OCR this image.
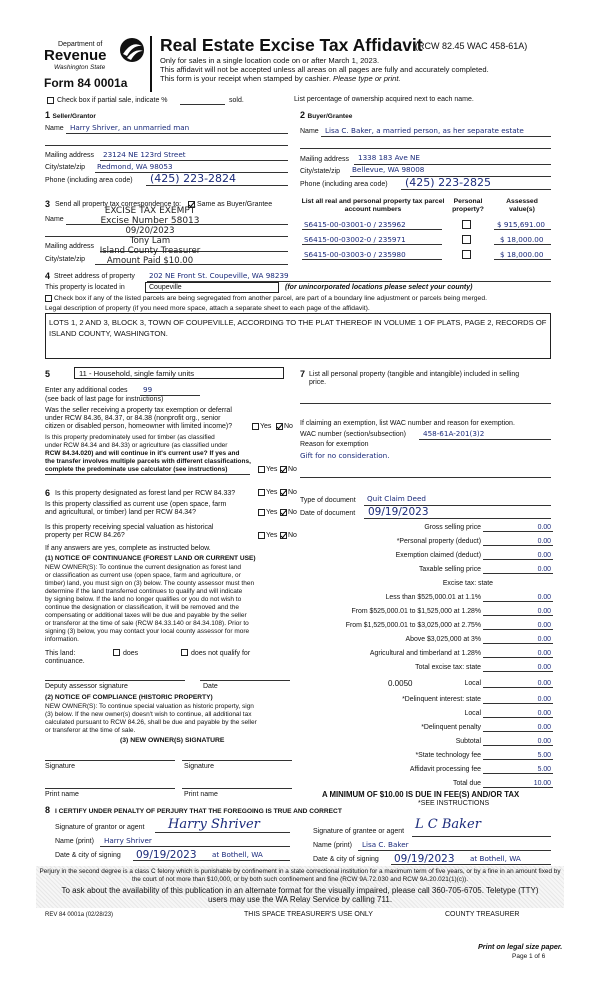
Department of
Revenue
Washington State
Form 84 0001a
Real Estate Excise Tax Affidavit
(RCW 82.45 WAC 458-61A)
Only for sales in a single location code on or after March 1, 2023.
This affidavit will not be accepted unless all areas on all pages are fully and accurately completed.
This form is your receipt when stamped by cashier. Please type or print.
Check box if partial sale, indicate %	sold.	List percentage of ownership acquired next to each name.
1 Seller/Grantor
Name Harry Shriver, an unmarried man
Mailing address 23124 NE 123rd Street
City/state/zip Redmond, WA 98053
Phone (including area code) (425) 223-2824
2 Buyer/Grantee
Name Lisa C. Baker, a married person, as her separate estate
Mailing address 1338 183 Ave NE
City/state/zip Bellevue, WA 98008
Phone (including area code) (425) 223-2825
3 Send all property tax correspondence to: Same as Buyer/Grantee
Name
Mailing address
City/state/zip
EXCISE TAX EXEMPT
Excise Number 58013
09/20/2023
Tony Lam
Island County Treasurer
Amount Paid $10.00
List all real and personal property tax parcel account numbers
Personal property?
Assessed value(s)
S6415-00-03001-0 / 235962	$ 915,691.00
S6415-00-03002-0 / 235971	$ 18,000.00
S6415-00-03003-0 / 235980	$ 18,000.00
4 Street address of property 202 NE Front St. Coupeville, WA 98239
This property is located in	Coupeville	(for unincorporated locations please select your county)
Check box if any of the listed parcels are being segregated from another parcel, are part of a boundary line adjustment or parcels being merged.
Legal description of property (if you need more space, attach a separate sheet to each page of the affidavit).
LOTS 1, 2 AND 3, BLOCK 3, TOWN OF COUPEVILLE, ACCORDING TO THE PLAT THEREOF IN VOLUME 1 OF PLATS, PAGE 2, RECORDS OF ISLAND COUNTY, WASHINGTON.
5	11 - Household, single family units
Enter any additional codes 99
(see back of last page for instructions)
Was the seller receiving a property tax exemption or deferral
under RCW 84.36, 84.37, or 84.38 (nonprofit org., senior
citizen or disabled person, homeowner with limited income)?	Yes No
Is this property predominately used for timber (as classified
under RCW 84.34 and 84.33) or agriculture (as classified under
RCW 84.34.020) and will continue in it's current use? If yes and
the transfer involves multiple parcels with different classifications,
complete the predominate use calculator (see instructions)	Yes No
7 List all personal property (tangible and intangible) included in selling
price.
If claiming an exemption, list WAC number and reason for exemption.
WAC number (section/subsection) 458-61A-201(3)2
Reason for exemption
Gift for no consideration.
Type of document Quit Claim Deed
Date of document 09/19/2023
Gross selling price	0.00
*Personal property (deduct)	0.00
Exemption claimed (deduct)	0.00
Taxable selling price	0.00
Excise tax: state
Less than $525,000.01 at 1.1%	0.00
From $525,000.01 to $1,525,000 at 1.28%	0.00
From $1,525,000.01 to $3,025,000 at 2.75%	0.00
Above $3,025,000 at 3%	0.00
Agricultural and timberland at 1.28%	0.00
Total excise tax: state	0.00
0.0050	Local	0.00
*Delinquent interest: state	0.00
Local	0.00
*Delinquent penalty	0.00
Subtotal	0.00
*State technology fee	5.00
Affidavit processing fee	5.00
Total due	10.00
A MINIMUM OF $10.00 IS DUE IN FEE(S) AND/OR TAX
*SEE INSTRUCTIONS
6 Is this property designated as forest land per RCW 84.33?	Yes No
Is this property classified as current use (open space, farm
and agricultural, or timber) land per RCW 84.34?	Yes No
Is this property receiving special valuation as historical
property per RCW 84.26?	Yes No
If any answers are yes, complete as instructed below.
(1) NOTICE OF CONTINUANCE (FOREST LAND OR CURRENT USE)
NEW OWNER(S): To continue the current designation as forest land
or classification as current use (open space, farm and agriculture, or
timber) land, you must sign on (3) below. The county assessor must then
determine if the land transferred continues to qualify and will indicate
by signing below. If the land no longer qualifies or you do not wish to
continue the designation or classification, it will be removed and the
compensating or additional taxes will be due and payable by the seller
or transferor at the time of sale (RCW 84.33.140 or 84.34.108). Prior to
signing (3) below, you may contact your local county assessor for more
information.
This land:	does	does not qualify for
continuance.
Deputy assessor signature	Date
(2) NOTICE OF COMPLIANCE (HISTORIC PROPERTY)
NEW OWNER(S): To continue special valuation as historic property, sign
(3) below. If the new owner(s) doesn't wish to continue, all additional tax
calculated pursuant to RCW 84.26, shall be due and payable by the seller
or transferor at the time of sale.
(3) NEW OWNER(S) SIGNATURE
Signature	Signature
Print name	Print name
8 I CERTIFY UNDER PENALTY OF PERJURY THAT THE FOREGOING IS TRUE AND CORRECT
Signature of grantor or agent Harry Shriver
Name (print) Harry Shriver
Date & city of signing 09/19/2023 at Bothell, WA
Signature of grantee or agent L C Baker
Name (print) Lisa C. Baker
Date & city of signing 09/19/2023 at Bothell, WA
Perjury in the second degree is a class C felony which is punishable by confinement in a state correctional institution for a maximum term of five years, or by a fine in an amount fixed by the court of not more than $10,000, or by both such confinement and fine (RCW 9A.72.030 and RCW 9A.20.021(1)(c)).
To ask about the availability of this publication in an alternate format for the visually impaired, please call 360-705-6705. Teletype (TTY) users may use the WA Relay Service by calling 711.
REV 84 0001a (02/28/23)	THIS SPACE TREASURER'S USE ONLY	COUNTY TREASURER
Print on legal size paper.
Page 1 of 6
